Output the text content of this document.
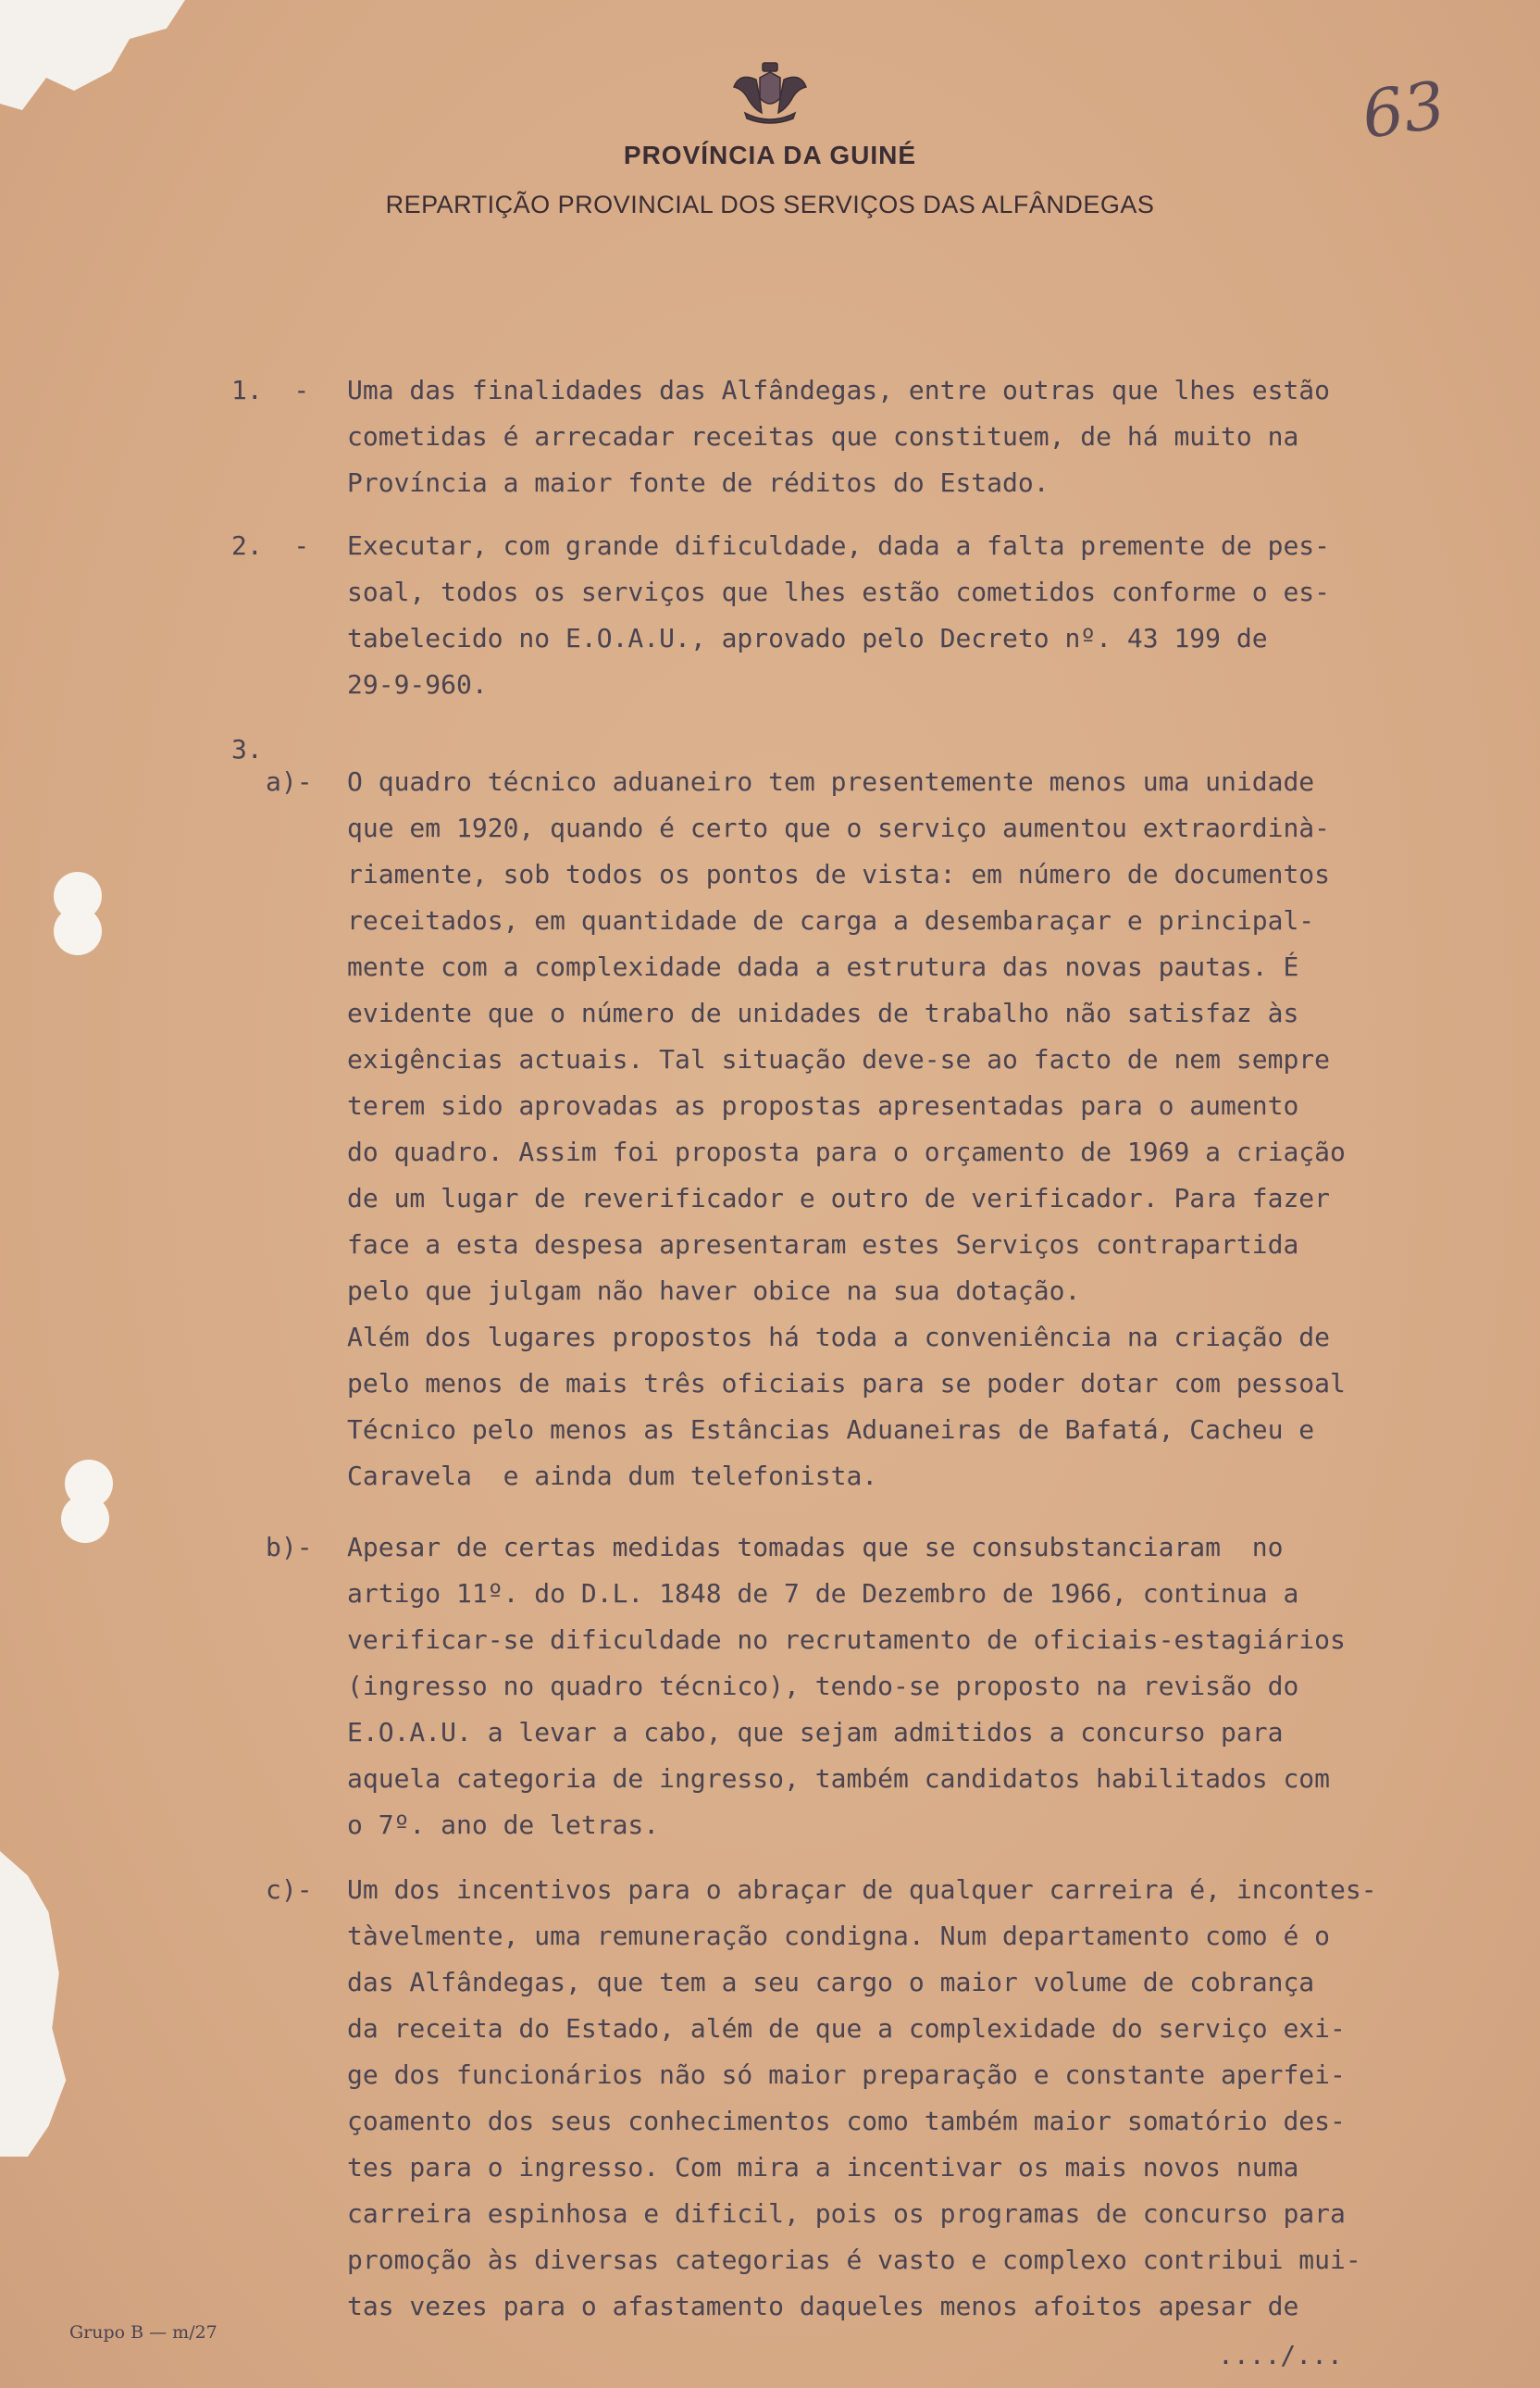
PROVÍNCIA DA GUINÉ
REPARTIÇÃO PROVINCIAL DOS SERVIÇOS DAS ALFÂNDEGAS
63
1.  - Uma das finalidades das Alfândegas, entre outras que lhes estão
cometidas é arrecadar receitas que constituem, de há muito na
Província a maior fonte de réditos do Estado.
2.  - Executar, com grande dificuldade, dada a falta premente de pes-
soal, todos os serviços que lhes estão cometidos conforme o es-
tabelecido no E.O.A.U., aprovado pelo Decreto nº. 43 199 de
29-9-960.
3.
a)- O quadro técnico aduaneiro tem presentemente menos uma unidade
que em 1920, quando é certo que o serviço aumentou extraordinà-
riamente, sob todos os pontos de vista: em número de documentos
receitados, em quantidade de carga a desembaraçar e principal-
mente com a complexidade dada a estrutura das novas pautas. É
evidente que o número de unidades de trabalho não satisfaz às
exigências actuais. Tal situação deve-se ao facto de nem sempre
terem sido aprovadas as propostas apresentadas para o aumento
do quadro. Assim foi proposta para o orçamento de 1969 a criação
de um lugar de reverificador e outro de verificador. Para fazer
face a esta despesa apresentaram estes Serviços contrapartida
pelo que julgam não haver obice na sua dotação.
Além dos lugares propostos há toda a conveniência na criação de
pelo menos de mais três oficiais para se poder dotar com pessoal
Técnico pelo menos as Estâncias Aduaneiras de Bafatá, Cacheu e
Caravela  e ainda dum telefonista.
b)- Apesar de certas medidas tomadas que se consubstanciaram  no
artigo 11º. do D.L. 1848 de 7 de Dezembro de 1966, continua a
verificar-se dificuldade no recrutamento de oficiais-estagiários
(ingresso no quadro técnico), tendo-se proposto na revisão do
E.O.A.U. a levar a cabo, que sejam admitidos a concurso para
aquela categoria de ingresso, também candidatos habilitados com
o 7º. ano de letras.
c)- Um dos incentivos para o abraçar de qualquer carreira é, incontes-
tàvelmente, uma remuneração condigna. Num departamento como é o
das Alfândegas, que tem a seu cargo o maior volume de cobrança
da receita do Estado, além de que a complexidade do serviço exi-
ge dos funcionários não só maior preparação e constante aperfei-
çoamento dos seus conhecimentos como também maior somatório des-
tes para o ingresso. Com mira a incentivar os mais novos numa
carreira espinhosa e dificil, pois os programas de concurso para
promoção às diversas categorias é vasto e complexo contribui mui-
tas vezes para o afastamento daqueles menos afoitos apesar de
Grupo B — m/27
..../...
